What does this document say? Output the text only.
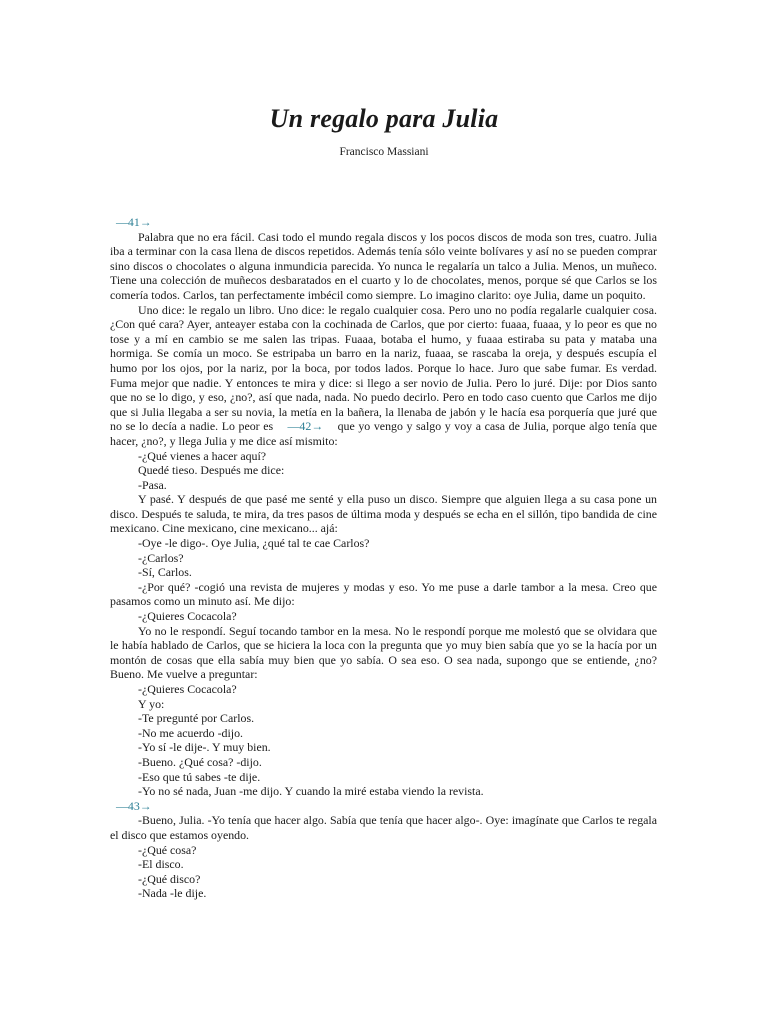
Un regalo para Julia
Francisco Massiani

—41→

Palabra que no era fácil. Casi todo el mundo regala discos y los pocos discos de moda son tres, cuatro. Julia iba a terminar con la casa llena de discos repetidos. Además tenía sólo veinte bolívares y así no se pueden comprar sino discos o chocolates o alguna inmundicia parecida. Yo nunca le regalaría un talco a Julia. Menos, un muñeco. Tiene una colección de muñecos desbaratados en el cuarto y lo de chocolates, menos, porque sé que Carlos se los comería todos. Carlos, tan perfectamente imbécil como siempre. Lo imagino clarito: oye Julia, dame un poquito.

Uno dice: le regalo un libro. Uno dice: le regalo cualquier cosa. Pero uno no podía regalarle cualquier cosa. ¿Con qué cara? Ayer, anteayer estaba con la cochinada de Carlos, que por cierto: fuaaa, fuaaa, y lo peor es que no tose y a mí en cambio se me salen las tripas. Fuaaa, botaba el humo, y fuaaa estiraba su pata y mataba una hormiga. Se comía un moco. Se estripaba un barro en la nariz, fuaaa, se rascaba la oreja, y después escupía el humo por los ojos, por la nariz, por la boca, por todos lados. Porque lo hace. Juro que sabe fumar. Es verdad. Fuma mejor que nadie. Y entonces te mira y dice: si llego a ser novio de Julia. Pero lo juré. Dije: por Dios santo que no se lo digo, y eso, ¿no?, así que nada, nada. No puedo decirlo. Pero en todo caso cuento que Carlos me dijo que si Julia llegaba a ser su novia, la metía en la bañera, la llenaba de jabón y le hacía esa porquería que juré que no se lo decía a nadie. Lo peor es —42→ que yo vengo y salgo y voy a casa de Julia, porque algo tenía que hacer, ¿no?, y llega Julia y me dice así mismito:

-¿Qué vienes a hacer aquí?

Quedé tieso. Después me dice:

-Pasa.

Y pasé. Y después de que pasé me senté y ella puso un disco. Siempre que alguien llega a su casa pone un disco. Después te saluda, te mira, da tres pasos de última moda y después se echa en el sillón, tipo bandida de cine mexicano. Cine mexicano, cine mexicano... ajá:

-Oye -le digo-. Oye Julia, ¿qué tal te cae Carlos?

-¿Carlos?

-Sí, Carlos.

-¿Por qué? -cogió una revista de mujeres y modas y eso. Yo me puse a darle tambor a la mesa. Creo que pasamos como un minuto así. Me dijo:

-¿Quieres Cocacola?

Yo no le respondí. Seguí tocando tambor en la mesa. No le respondí porque me molestó que se olvidara que le había hablado de Carlos, que se hiciera la loca con la pregunta que yo muy bien sabía que yo se la hacía por un montón de cosas que ella sabía muy bien que yo sabía. O sea eso. O sea nada, supongo que se entiende, ¿no? Bueno. Me vuelve a preguntar:

-¿Quieres Cocacola?

Y yo:

-Te pregunté por Carlos.

-No me acuerdo -dijo.

-Yo sí -le dije-. Y muy bien.

-Bueno. ¿Qué cosa? -dijo.

-Eso que tú sabes -te dije.

-Yo no sé nada, Juan -me dijo. Y cuando la miré estaba viendo la revista.

—43→

-Bueno, Julia. -Yo tenía que hacer algo. Sabía que tenía que hacer algo-. Oye: imagínate que Carlos te regala el disco que estamos oyendo.

-¿Qué cosa?

-El disco.

-¿Qué disco?

-Nada -le dije.
